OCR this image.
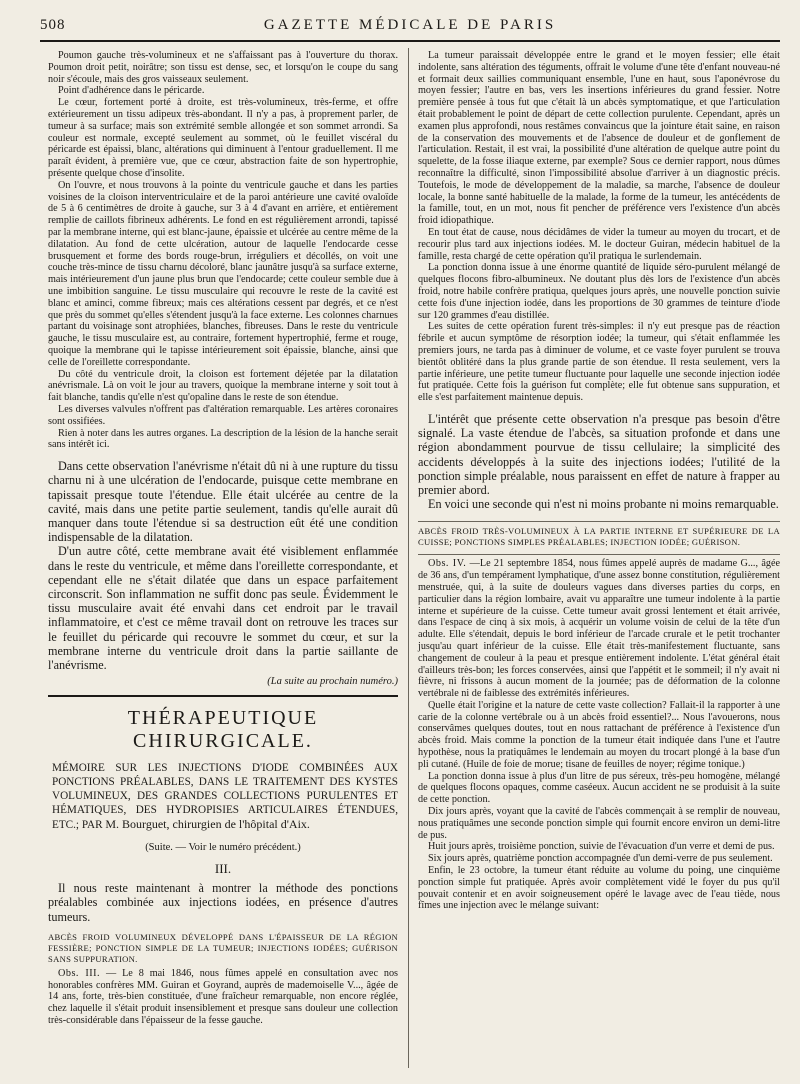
508	GAZETTE MÉDICALE DE PARIS

Poumon gauche très-volumineux et ne s'affaissant pas à l'ouverture du thorax. Poumon droit petit, noirâtre; son tissu est dense, sec, et lorsqu'on le coupe du sang noir s'écoule, mais des gros vaisseaux seulement.

Point d'adhérence dans le péricarde.

Le cœur, fortement porté à droite, est très-volumineux, très-ferme, et offre extérieurement un tissu adipeux très-abondant. Il n'y a pas, à proprement parler, de tumeur à sa surface; mais son extrémité semble allongée et son sommet arrondi. Sa couleur est normale, excepté seulement au sommet, où le feuillet viscéral du péricarde est épaissi, blanc, altérations qui diminuent à l'entour graduellement. Il me paraît évident, à première vue, que ce cœur, abstraction faite de son hypertrophie, présente quelque chose d'insolite.

On l'ouvre, et nous trouvons à la pointe du ventricule gauche et dans les parties voisines de la cloison interventriculaire et de la paroi antérieure une cavité ovaloïde de 5 à 6 centimètres de droite à gauche, sur 3 à 4 d'avant en arrière, et entièrement remplie de caillots fibrineux adhérents. Le fond en est régulièrement arrondi, tapissé par la membrane interne, qui est blanc-jaune, épaissie et ulcérée au centre même de la dilatation. Au fond de cette ulcération, autour de laquelle l'endocarde cesse brusquement et forme des bords rouge-brun, irréguliers et décollés, on voit une couche très-mince de tissu charnu décoloré, blanc jaunâtre jusqu'à sa surface externe, mais intérieurement d'un jaune plus brun que l'endocarde; cette couleur semble due à une imbibition sanguine. Le tissu musculaire qui recouvre le reste de la cavité est blanc et aminci, comme fibreux; mais ces altérations cessent par degrés, et ce n'est que près du sommet qu'elles s'étendent jusqu'à la face externe. Les colonnes charnues partant du voisinage sont atrophiées, blanches, fibreuses. Dans le reste du ventricule gauche, le tissu musculaire est, au contraire, fortement hypertrophié, ferme et rouge, quoique la membrane qui le tapisse intérieurement soit épaissie, blanche, ainsi que celle de l'oreillette correspondante.

Du côté du ventricule droit, la cloison est fortement déjetée par la dilatation anévrismale. Là on voit le jour au travers, quoique la membrane interne y soit tout à fait blanche, tandis qu'elle n'est qu'opaline dans le reste de son étendue.

Les diverses valvules n'offrent pas d'altération remarquable. Les artères coronaires sont ossifiées.

Rien à noter dans les autres organes. La description de la lésion de la hanche serait sans intérêt ici.

Dans cette observation l'anévrisme n'était dû ni à une rupture du tissu charnu ni à une ulcération de l'endocarde, puisque cette membrane en tapissait presque toute l'étendue. Elle était ulcérée au centre de la cavité, mais dans une petite partie seulement, tandis qu'elle aurait dû manquer dans toute l'étendue si sa destruction eût été une condition indispensable de la dilatation.

D'un autre côté, cette membrane avait été visiblement enflammée dans le reste du ventricule, et même dans l'oreillette correspondante, et cependant elle ne s'était dilatée que dans un espace parfaitement circonscrit. Son inflammation ne suffit donc pas seule. Évidemment le tissu musculaire avait été envahi dans cet endroit par le travail inflammatoire, et c'est ce même travail dont on retrouve les traces sur le feuillet du péricarde qui recouvre le sommet du cœur, et sur la membrane interne du ventricule droit dans la partie saillante de l'anévrisme.

(La suite au prochain numéro.)
THÉRAPEUTIQUE CHIRURGICALE.

MÉMOIRE SUR LES INJECTIONS D'IODE COMBINÉES AUX PONCTIONS PRÉALABLES, DANS LE TRAITEMENT DES KYSTES VOLUMINEUX, DES GRANDES COLLECTIONS PURULENTES ET HÉMATIQUES, DES HYDROPISIES ARTICULAIRES ÉTENDUES, ETC.; PAR M. Bourguet, chirurgien de l'hôpital d'Aix.

(Suite. — Voir le numéro précédent.)
III.

Il nous reste maintenant à montrer la méthode des ponctions préalables combinée aux injections iodées, en présence d'autres tumeurs.

ABCÈS FROID VOLUMINEUX DÉVELOPPÉ DANS L'ÉPAISSEUR DE LA RÉGION FESSIÈRE; PONCTION SIMPLE DE LA TUMEUR; INJECTIONS IODÉES; GUÉRISON SANS SUPPURATION.

Obs. III. — Le 8 mai 1846, nous fûmes appelé en consultation avec nos honorables confrères MM. Guiran et Goyrand, auprès de mademoiselle V..., âgée de 14 ans, forte, très-bien constituée, d'une fraîcheur remarquable, non encore réglée, chez laquelle il s'était produit insensiblement et presque sans douleur une collection très-considérable dans l'épaisseur de la fesse gauche.

La tumeur paraissait développée entre le grand et le moyen fessier; elle était indolente, sans altération des téguments, offrait le volume d'une tête d'enfant nouveau-né et formait deux saillies communiquant ensemble, l'une en haut, sous l'aponévrose du moyen fessier; l'autre en bas, vers les insertions inférieures du grand fessier. Notre première pensée à tous fut que c'était là un abcès symptomatique, et que l'articulation était probablement le point de départ de cette collection purulente. Cependant, après un examen plus approfondi, nous restâmes convaincus que la jointure était saine, en raison de la conservation des mouvements et de l'absence de douleur et de gonflement de l'articulation. Restait, il est vrai, la possibilité d'une altération de quelque autre point du squelette, de la fosse iliaque externe, par exemple? Sous ce dernier rapport, nous dûmes reconnaître la difficulté, sinon l'impossibilité absolue d'arriver à un diagnostic précis. Toutefois, le mode de développement de la maladie, sa marche, l'absence de douleur locale, la bonne santé habituelle de la malade, la forme de la tumeur, les antécédents de la famille, tout, en un mot, nous fit pencher de préférence vers l'existence d'un abcès froid idiopathique.

En tout état de cause, nous décidâmes de vider la tumeur au moyen du trocart, et de recourir plus tard aux injections iodées. M. le docteur Guiran, médecin habituel de la famille, resta chargé de cette opération qu'il pratiqua le surlendemain.

La ponction donna issue à une énorme quantité de liquide séro-purulent mélangé de quelques flocons fibro-albumineux. Ne doutant plus dès lors de l'existence d'un abcès froid, notre habile confrère pratiqua, quelques jours après, une nouvelle ponction suivie cette fois d'une injection iodée, dans les proportions de 30 grammes de teinture d'iode sur 120 grammes d'eau distillée.

Les suites de cette opération furent très-simples: il n'y eut presque pas de réaction fébrile et aucun symptôme de résorption iodée; la tumeur, qui s'était enflammée les premiers jours, ne tarda pas à diminuer de volume, et ce vaste foyer purulent se trouva bientôt oblitéré dans la plus grande partie de son étendue. Il resta seulement, vers la partie inférieure, une petite tumeur fluctuante pour laquelle une seconde injection iodée fut pratiquée. Cette fois la guérison fut complète; elle fut obtenue sans suppuration, et elle s'est parfaitement maintenue depuis.

L'intérêt que présente cette observation n'a presque pas besoin d'être signalé. La vaste étendue de l'abcès, sa situation profonde et dans une région abondamment pourvue de tissu cellulaire; la simplicité des accidents développés à la suite des injections iodées; l'utilité de la ponction simple préalable, nous paraissent en effet de nature à frapper au premier abord.

En voici une seconde qui n'est ni moins probante ni moins remarquable.

ABCÈS FROID TRÈS-VOLUMINEUX À LA PARTIE INTERNE ET SUPÉRIEURE DE LA CUISSE; PONCTIONS SIMPLES PRÉALABLES; INJECTION IODÉE; GUÉRISON.

Obs. IV. —Le 21 septembre 1854, nous fûmes appelé auprès de madame G..., âgée de 36 ans, d'un tempérament lymphatique, d'une assez bonne constitution, régulièrement menstruée, qui, à la suite de douleurs vagues dans diverses parties du corps, en particulier dans la région lombaire, avait vu apparaître une tumeur indolente à la partie interne et supérieure de la cuisse. Cette tumeur avait grossi lentement et était arrivée, dans l'espace de cinq à six mois, à acquérir un volume voisin de celui de la tête d'un adulte. Elle s'étendait, depuis le bord inférieur de l'arcade crurale et le petit trochanter jusqu'au quart inférieur de la cuisse. Elle était très-manifestement fluctuante, sans changement de couleur à la peau et presque entièrement indolente. L'état général était d'ailleurs très-bon; les forces conservées, ainsi que l'appétit et le sommeil; il n'y avait ni fièvre, ni frissons à aucun moment de la journée; pas de déformation de la colonne vertébrale ni de faiblesse des extrémités inférieures.

Quelle était l'origine et la nature de cette vaste collection? Fallait-il la rapporter à une carie de la colonne vertébrale ou à un abcès froid essentiel?... Nous l'avouerons, nous conservâmes quelques doutes, tout en nous rattachant de préférence à l'existence d'un abcès froid. Mais comme la ponction de la tumeur était indiquée dans l'une et l'autre hypothèse, nous la pratiquâmes le lendemain au moyen du trocart plongé à la base d'un pli cutané. (Huile de foie de morue; tisane de feuilles de noyer; régime tonique.)

La ponction donna issue à plus d'un litre de pus séreux, très-peu homogène, mélangé de quelques flocons opaques, comme caséeux. Aucun accident ne se produisit à la suite de cette ponction.

Dix jours après, voyant que la cavité de l'abcès commençait à se remplir de nouveau, nous pratiquâmes une seconde ponction simple qui fournit encore environ un demi-litre de pus.

Huit jours après, troisième ponction, suivie de l'évacuation d'un verre et demi de pus.

Six jours après, quatrième ponction accompagnée d'un demi-verre de pus seulement.

Enfin, le 23 octobre, la tumeur étant réduite au volume du poing, une cinquième ponction simple fut pratiquée. Après avoir complètement vidé le foyer du pus qu'il pouvait contenir et en avoir soigneusement opéré le lavage avec de l'eau tiède, nous fîmes une injection avec le mélange suivant:
